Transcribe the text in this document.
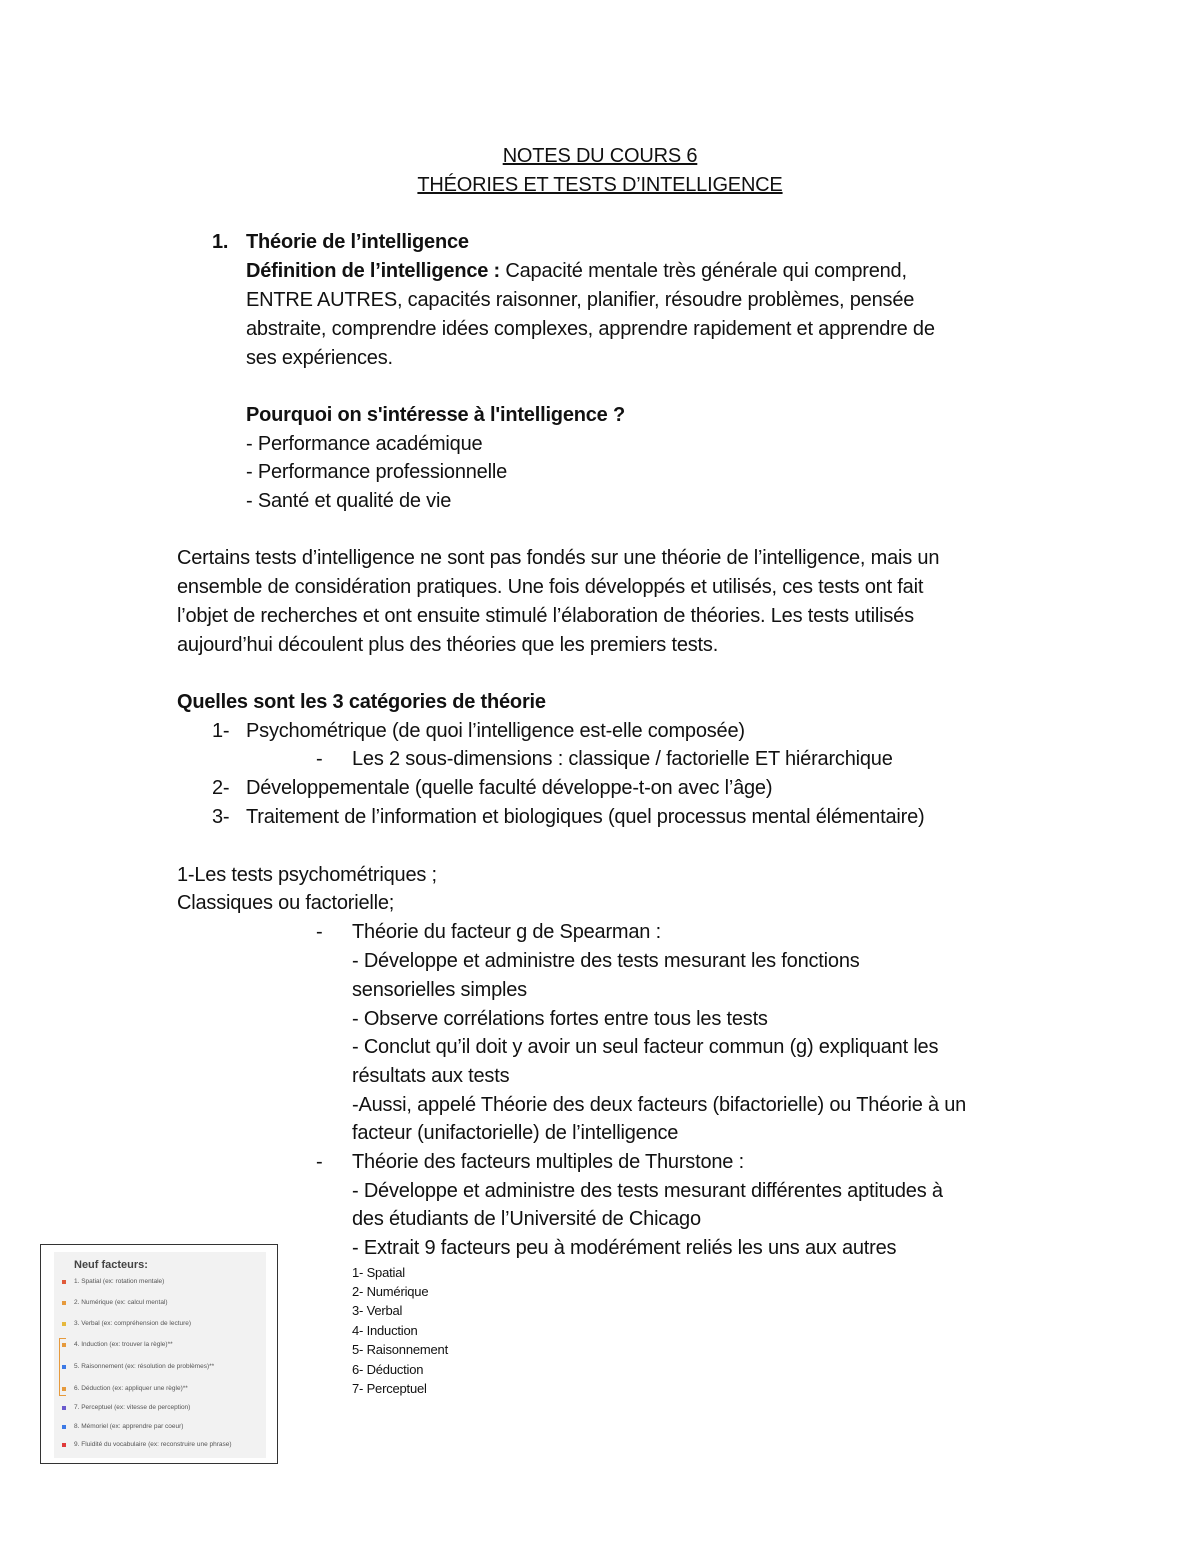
NOTES DU COURS 6
THÉORIES ET TESTS D’INTELLIGENCE
1. Théorie de l’intelligence
Définition de l’intelligence : Capacité mentale très générale qui comprend,
ENTRE AUTRES, capacités raisonner, planifier, résoudre problèmes, pensée
abstraite, comprendre idées complexes, apprendre rapidement et apprendre de
ses expériences.
Pourquoi on s'intéresse à l'intelligence ?
- Performance académique
- Performance professionnelle
- Santé et qualité de vie
Certains tests d’intelligence ne sont pas fondés sur une théorie de l’intelligence, mais un
ensemble de considération pratiques. Une fois développés et utilisés, ces tests ont fait
l’objet de recherches et ont ensuite stimulé l’élaboration de théories. Les tests utilisés
aujourd’hui découlent plus des théories que les premiers tests.
Quelles sont les 3 catégories de théorie
1- Psychométrique (de quoi l’intelligence est-elle composée)
- Les 2 sous-dimensions : classique / factorielle ET hiérarchique
2- Développementale (quelle faculté développe-t-on avec l’âge)
3- Traitement de l’information et biologiques (quel processus mental élémentaire)
1-Les tests psychométriques ;
Classiques ou factorielle;
- Théorie du facteur g de Spearman :
- Développe et administre des tests mesurant les fonctions
sensorielles simples
- Observe corrélations fortes entre tous les tests
- Conclut qu’il doit y avoir un seul facteur commun (g) expliquant les
résultats aux tests
-Aussi, appelé Théorie des deux facteurs (bifactorielle) ou Théorie à un
facteur (unifactorielle) de l’intelligence
- Théorie des facteurs multiples de Thurstone :
- Développe et administre des tests mesurant différentes aptitudes à
des étudiants de l’Université de Chicago
- Extrait 9 facteurs peu à modérément reliés les uns aux autres
1- Spatial
2- Numérique
3- Verbal
4- Induction
5- Raisonnement
6- Déduction
7- Perceptuel
Neuf facteurs:
1. Spatial (ex: rotation mentale)
2. Numérique (ex: calcul mental)
3. Verbal (ex: compréhension de lecture)
4. Induction (ex: trouver la règle)**
5. Raisonnement (ex: résolution de problèmes)**
6. Déduction (ex: appliquer une règle)**
7. Perceptuel (ex: vitesse de perception)
8. Mémoriel (ex: apprendre par coeur)
9. Fluidité du vocabulaire (ex: reconstruire une phrase)
